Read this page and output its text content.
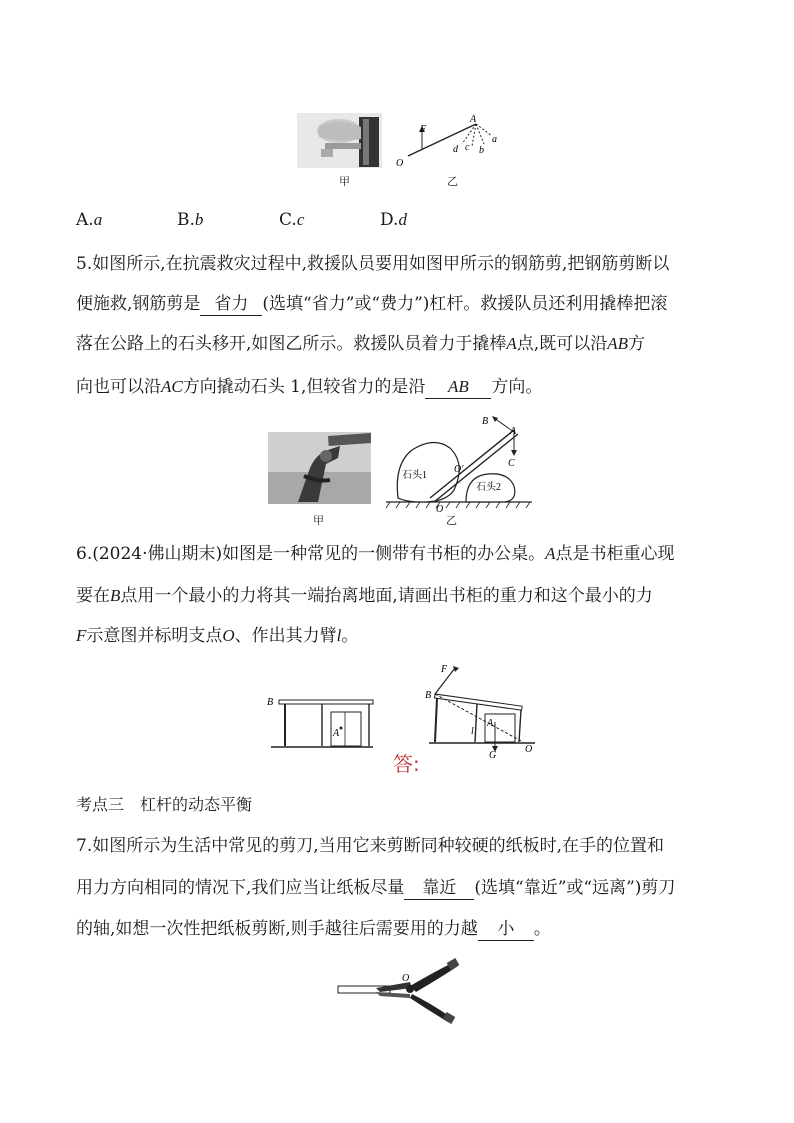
甲
F
A
O
a
b
c
d
乙
A.a	B.b	C.c	D.d
5.如图所示,在抗震救灾过程中,救援队员要用如图甲所示的钢筋剪,把钢筋剪断以
便施救,钢筋剪是 省力 (选填“省力”或“费力”)杠杆。救援队员还利用撬棒把滚
落在公路上的石头移开,如图乙所示。救援队员着力于撬棒A点,既可以沿AB方
向也可以沿AC方向撬动石头 1,但较省力的是沿 AB 方向。
甲
B
A
C
O′
O
石头1
石头2
乙
6.(2024·佛山期末)如图是一种常见的一侧带有书柜的办公桌。A点是书柜重心现
要在B点用一个最小的力将其一端抬离地面,请画出书柜的重力和这个最小的力
F示意图并标明支点O、作出其力臂l。
B
A
F
B
A
l
G
O
答:
考点三　杠杆的动态平衡
7.如图所示为生活中常见的剪刀,当用它来剪断同种较硬的纸板时,在手的位置和
用力方向相同的情况下,我们应当让纸板尽量 靠近 (选填“靠近”或“远离”)剪刀
的轴,如想一次性把纸板剪断,则手越往后需要用的力越 小 。
O
